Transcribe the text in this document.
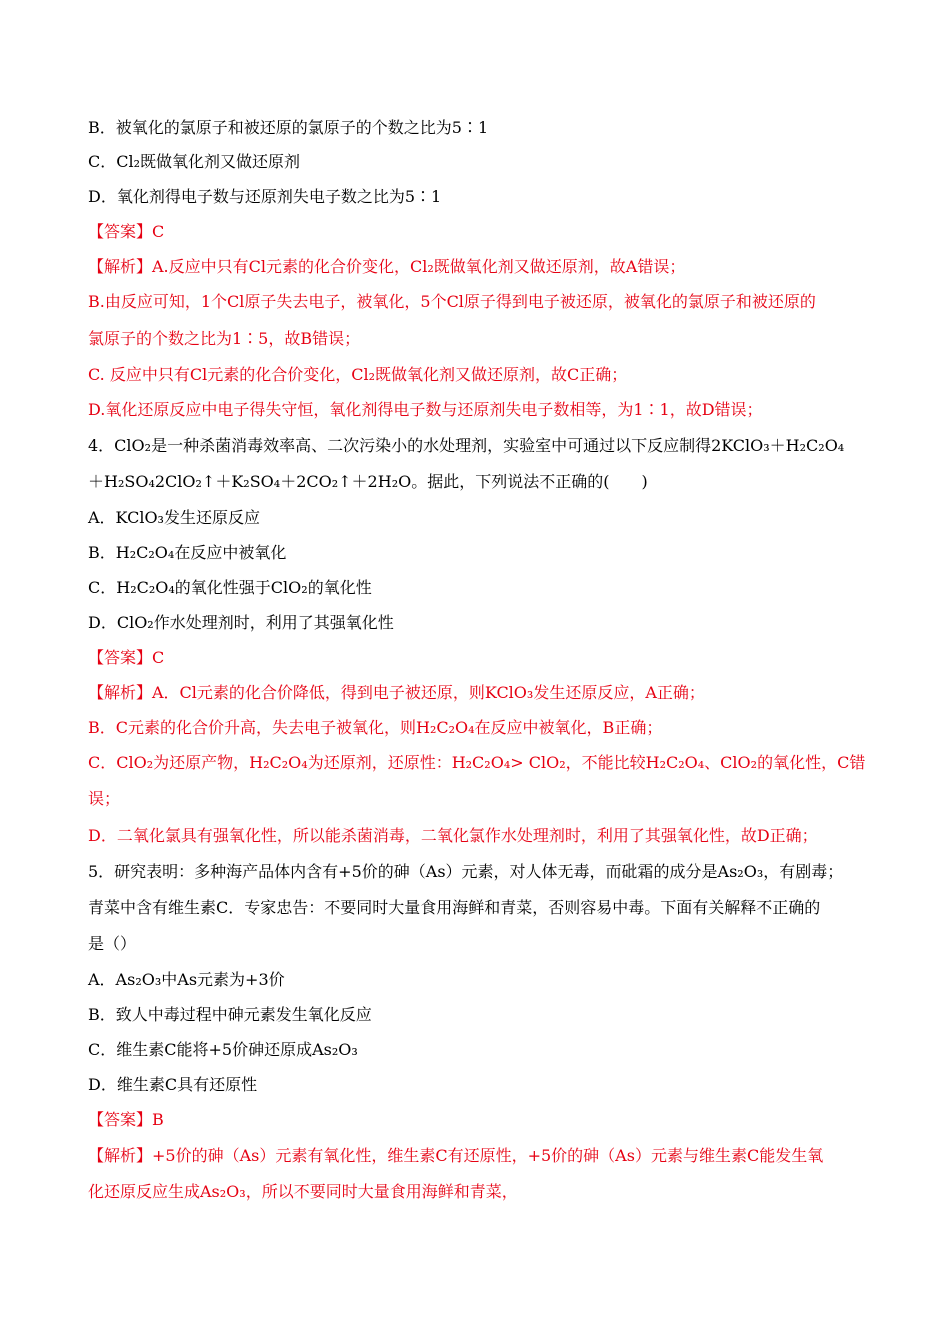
B．被氧化的氯原子和被还原的氯原子的个数之比为5∶1
C．Cl₂既做氧化剂又做还原剂
D．氧化剂得电子数与还原剂失电子数之比为5∶1
【答案】C
【解析】A.反应中只有Cl元素的化合价变化，Cl₂既做氧化剂又做还原剂，故A错误；
B.由反应可知，1个Cl原子失去电子，被氧化，5个Cl原子得到电子被还原，被氧化的氯原子和被还原的
氯原子的个数之比为1∶5，故B错误；
C. 反应中只有Cl元素的化合价变化，Cl₂既做氧化剂又做还原剂，故C正确；
D.氧化还原反应中电子得失守恒，氧化剂得电子数与还原剂失电子数相等，为1∶1，故D错误；
4．ClO₂是一种杀菌消毒效率高、二次污染小的水处理剂，实验室中可通过以下反应制得2KClO₃＋H₂C₂O₄
＋H₂SO₄2ClO₂↑＋K₂SO₄＋2CO₂↑＋2H₂O。据此，下列说法不正确的(　　)
A．KClO₃发生还原反应
B．H₂C₂O₄在反应中被氧化
C．H₂C₂O₄的氧化性强于ClO₂的氧化性
D．ClO₂作水处理剂时，利用了其强氧化性
【答案】C
【解析】A．Cl元素的化合价降低，得到电子被还原，则KClO₃发生还原反应，A正确；
B．C元素的化合价升高，失去电子被氧化，则H₂C₂O₄在反应中被氧化，B正确；
C．ClO₂为还原产物，H₂C₂O₄为还原剂，还原性：H₂C₂O₄> ClO₂，不能比较H₂C₂O₄、ClO₂的氧化性，C错
误；
D．二氧化氯具有强氧化性，所以能杀菌消毒，二氧化氯作水处理剂时，利用了其强氧化性，故D正确；
5．研究表明：多种海产品体内含有+5价的砷（As）元素，对人体无毒，而砒霜的成分是As₂O₃，有剧毒；
青菜中含有维生素C．专家忠告：不要同时大量食用海鲜和青菜，否则容易中毒。下面有关解释不正确的
是（）
A．As₂O₃中As元素为+3价
B．致人中毒过程中砷元素发生氧化反应
C．维生素C能将+5价砷还原成As₂O₃
D．维生素C具有还原性
【答案】B
【解析】+5价的砷（As）元素有氧化性，维生素C有还原性，+5价的砷（As）元素与维生素C能发生氧
化还原反应生成As₂O₃，所以不要同时大量食用海鲜和青菜，
